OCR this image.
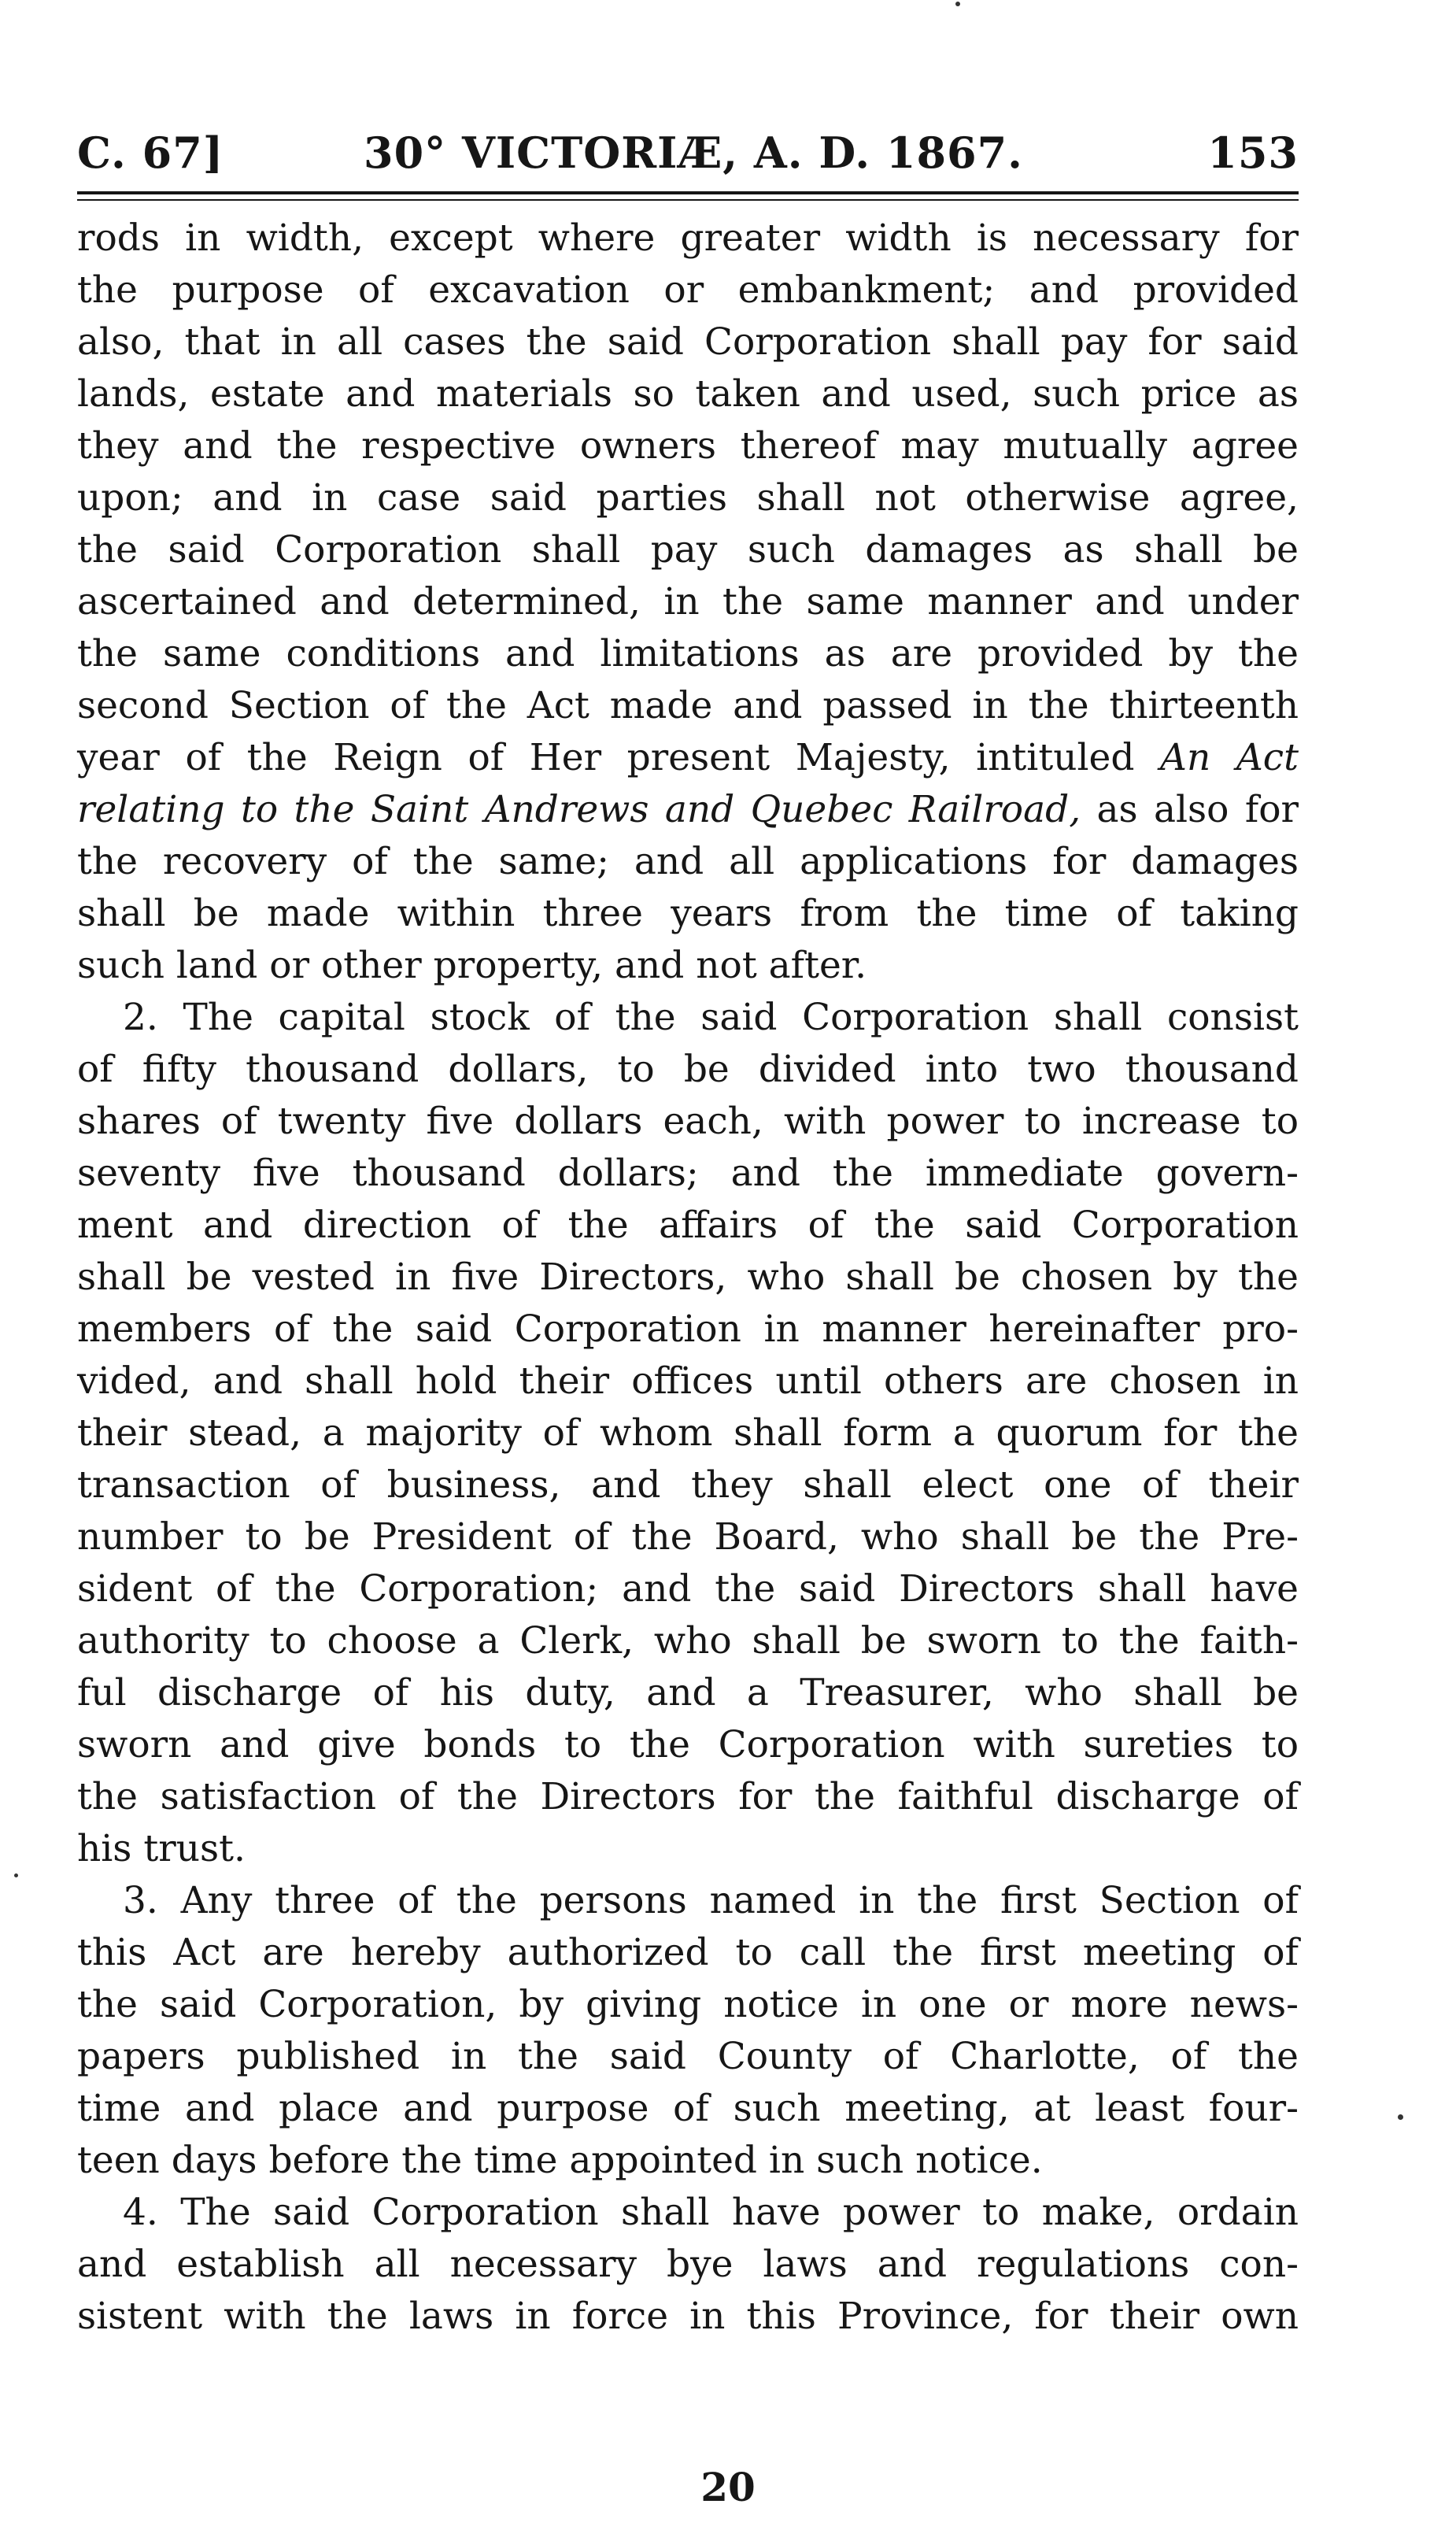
C. 67]	30° VICTORIÆ, A. D. 1867.	153
rods in width, except where greater width is necessary for
the purpose of excavation or embankment; and provided
also, that in all cases the said Corporation shall pay for said
lands, estate and materials so taken and used, such price as
they and the respective owners thereof may mutually agree
upon; and in case said parties shall not otherwise agree,
the said Corporation shall pay such damages as shall be
ascertained and determined, in the same manner and under
the same conditions and limitations as are provided by the
second Section of the Act made and passed in the thirteenth
year of the Reign of Her present Majesty, intituled An Act
relating to the Saint Andrews and Quebec Railroad, as also for
the recovery of the same; and all applications for damages
shall be made within three years from the time of taking
such land or other property, and not after.
2. The capital stock of the said Corporation shall consist
of fifty thousand dollars, to be divided into two thousand
shares of twenty five dollars each, with power to increase to
seventy five thousand dollars; and the immediate govern-
ment and direction of the affairs of the said Corporation
shall be vested in five Directors, who shall be chosen by the
members of the said Corporation in manner hereinafter pro-
vided, and shall hold their offices until others are chosen in
their stead, a majority of whom shall form a quorum for the
transaction of business, and they shall elect one of their
number to be President of the Board, who shall be the Pre-
sident of the Corporation; and the said Directors shall have
authority to choose a Clerk, who shall be sworn to the faith-
ful discharge of his duty, and a Treasurer, who shall be
sworn and give bonds to the Corporation with sureties to
the satisfaction of the Directors for the faithful discharge of
his trust.
3. Any three of the persons named in the first Section of
this Act are hereby authorized to call the first meeting of
the said Corporation, by giving notice in one or more news-
papers published in the said County of Charlotte, of the
time and place and purpose of such meeting, at least four-
teen days before the time appointed in such notice.
4. The said Corporation shall have power to make, ordain
and establish all necessary bye laws and regulations con-
sistent with the laws in force in this Province, for their own
20
